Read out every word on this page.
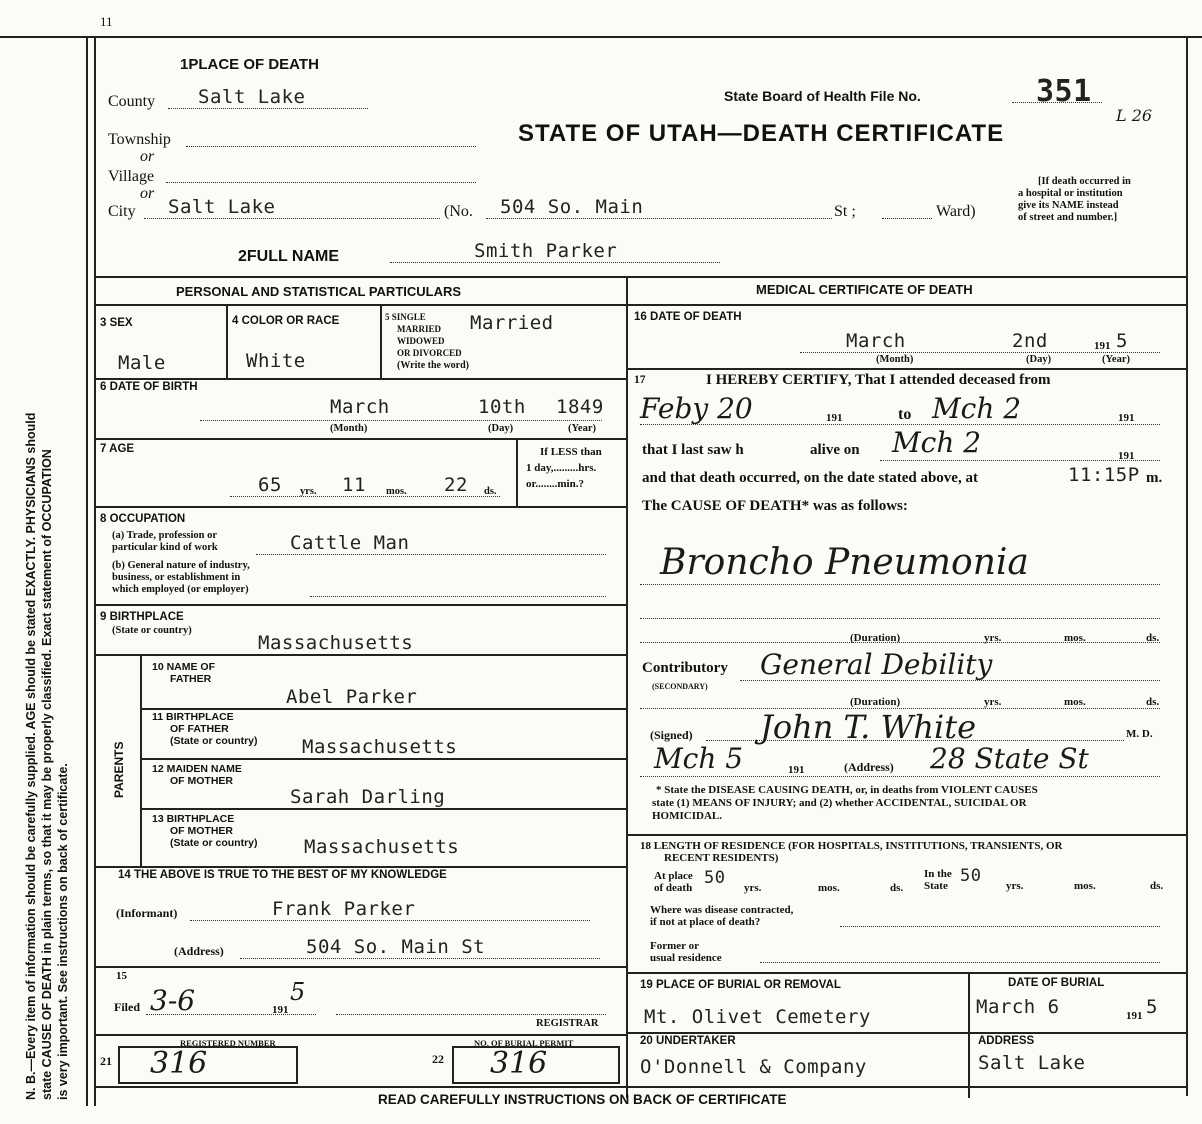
N. B.—Every item of information should be carefully supplied. AGE should be stated EXACTLY. PHYSICIANS should state CAUSE OF DEATH in plain terms, so that it may be properly classified. Exact statement of OCCUPATION is very important. See instructions on back of certificate.
11
1PLACE OF DEATH
State Board of Health File No.	351
L 26
STATE OF UTAH—DEATH CERTIFICATE
County Salt Lake
Township
or
Village
or
City Salt Lake	(No. 504 So. Main	St ;	Ward)
[If death occurred in
a hospital or institution
give its NAME instead
of street and number.]
2FULL NAME	Smith Parker
PERSONAL AND STATISTICAL PARTICULARS	MEDICAL CERTIFICATE OF DEATH
3 SEX
Male
4 COLOR OR RACE
White
5 SINGLE
MARRIED
WIDOWED
OR DIVORCED
(Write the word)
Married
6 DATE OF BIRTH
March	10th 1849
(Month)	(Day)	(Year)
7 AGE
65 yrs. 11 mos. 22 ds.
If LESS than
1 day,.........hrs.
or........min.?
8 OCCUPATION
(a) Trade, profession or
particular kind of work	Cattle Man
(b) General nature of industry,
business, or establishment in
which employed (or employer)
9 BIRTHPLACE
(State or country)
Massachusetts
PARENTS
10 NAME OF
FATHER
Abel Parker
11 BIRTHPLACE
OF FATHER
(State or country) Massachusetts
12 MAIDEN NAME
OF MOTHER
Sarah Darling
13 BIRTHPLACE
OF MOTHER
(State or country) Massachusetts
14 THE ABOVE IS TRUE TO THE BEST OF MY KNOWLEDGE
(Informant)	Frank Parker
(Address)	504 So. Main St
15
Filed 3-6	191
5
REGISTRAR
21
REGISTERED NUMBER
316	22
NO. OF BURIAL PERMIT
316
16 DATE OF DEATH
March	2nd	191 5
(Month)	(Day)	(Year)
17	I HEREBY CERTIFY, That I attended deceased from
Feby 20	191	to Mch 2	191
that I last saw h	alive on Mch 2	191
and that death occurred, on the date stated above, at	11:15P m.
The CAUSE OF DEATH* was as follows:
Broncho Pneumonia
(Duration)	yrs.	mos.	ds.
Contributory
(SECONDARY)
General Debility
(Duration)	yrs.	mos.	ds.
(Signed) John T. White	M. D.
Mch 5	191	(Address) 28 State St
* State the DISEASE CAUSING DEATH, or, in deaths from VIOLENT CAUSES
state (1) MEANS OF INJURY; and (2) whether ACCIDENTAL, SUICIDAL OR
HOMICIDAL.
18 LENGTH OF RESIDENCE (FOR HOSPITALS, INSTITUTIONS, TRANSIENTS, OR
RECENT RESIDENTS)
At place
of death 50 yrs.	mos.	ds.
In the
State 50 yrs.	mos.	ds.
Where was disease contracted,
if not at place of death?
Former or
usual residence
19 PLACE OF BURIAL OR REMOVAL
Mt. Olivet Cemetery
DATE OF BURIAL
March 6	191 5
20 UNDERTAKER
O'Donnell & Company
ADDRESS
Salt Lake
READ CAREFULLY INSTRUCTIONS ON BACK OF CERTIFICATE
